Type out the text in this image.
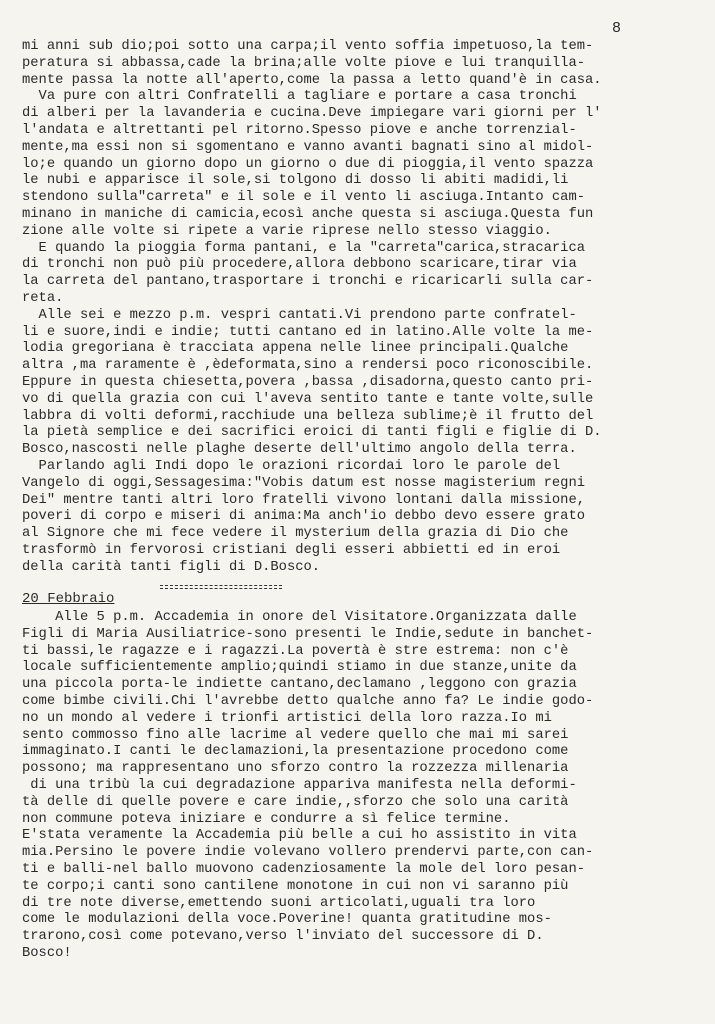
8
mi anni sub dio;poi sotto una carpa;il vento soffia impetuoso,la tem-
peratura si abbassa,cade la brina;alle volte piove e lui tranquilla-
mente passa la notte all'aperto,come la passa a letto quand'è in casa.
Va pure con altri Confratelli a tagliare e portare a casa tronchi
di alberi per la lavanderia e cucina.Deve impiegare vari giorni per l'
l'andata e altrettanti pel ritorno.Spesso piove e anche torrenzial-
mente,ma essi non si sgomentano e vanno avanti bagnati sino al midol-
lo;e quando un giorno dopo un giorno o due di pioggia,il vento spazza
le nubi e apparisce il sole,si tolgono di dosso li abiti madidi,li
stendono sulla"carreta" e il sole e il vento li asciuga.Intanto cam-
minano in maniche di camicia,ecosì anche questa si asciuga.Questa fun
zione alle volte si ripete a varie riprese nello stesso viaggio.
E quando la pioggia forma pantani, e la "carreta"carica,stracarica
di tronchi non può più procedere,allora debbono scaricare,tirar via
la carreta del pantano,trasportare i tronchi e ricaricarli sulla car-
reta.
Alle sei e mezzo p.m. vespri cantati.Vi prendono parte confratel-
li e suore,indi e indie; tutti cantano ed in latino.Alle volte la me-
lodia gregoriana è tracciata appena nelle linee principali.Qualche
altra ,ma raramente è ,èdeformata,sino a rendersi poco riconoscibile.
Eppure in questa chiesetta,povera ,bassa ,disadorna,questo canto pri-
vo di quella grazia con cui l'aveva sentito tante e tante volte,sulle
labbra di volti deformi,racchiude una belleza sublime;è il frutto del
la pietà semplice e dei sacrifici eroici di tanti figli e figlie di D.
Bosco,nascosti nelle plaghe deserte dell'ultimo angolo della terra.
Parlando agli Indi dopo le orazioni ricordai loro le parole del
Vangelo di oggi,Sessagesima:"Vobis datum est nosse magisterium regni
Dei" mentre tanti altri loro fratelli vivono lontani dalla missione,
poveri di corpo e miseri di anima:Ma anch'io debbo devo essere grato
al Signore che mi fece vedere il mysterium della grazia di Dio che
trasformò in fervorosi cristiani degli esseri abbietti ed in eroi
della carità tanti figli di D.Bosco.
20 Febbraio
Alle 5 p.m. Accademia in onore del Visitatore.Organizzata dalle
Figli di Maria Ausiliatrice-sono presenti le Indie,sedute in banchet-
ti bassi,le ragazze e i ragazzi.La povertà è stre estrema: non c'è
locale sufficientemente amplio;quindi stiamo in due stanze,unite da
una piccola porta-le indiette cantano,declamano ,leggono con grazia
come bimbe civili.Chi l'avrebbe detto qualche anno fa? Le indie godo-
no un mondo al vedere i trionfi artistici della loro razza.Io mi
sento commosso fino alle lacrime al vedere quello che mai mi sarei
immaginato.I canti le declamazioni,la presentazione procedono come
possono; ma rappresentano uno sforzo contro la rozzezza millenaria
di una tribù la cui degradazione appariva manifesta nella deformi-
tà delle di quelle povere e care indie,,sforzo che solo una carità
non commune poteva iniziare e condurre a sì felice termine.
E'stata veramente la Accademia più belle a cui ho assistito in vita
mia.Persino le povere indie volevano vollero prendervi parte,con can-
ti e balli-nel ballo muovono cadenziosamente la mole del loro pesan-
te corpo;i canti sono cantilene monotone in cui non vi saranno più
di tre note diverse,emettendo suoni articolati,uguali tra loro
come le modulazioni della voce.Poverine! quanta gratitudine mos-
trarono,così come potevano,verso l'inviato del successore di D.
Bosco!
